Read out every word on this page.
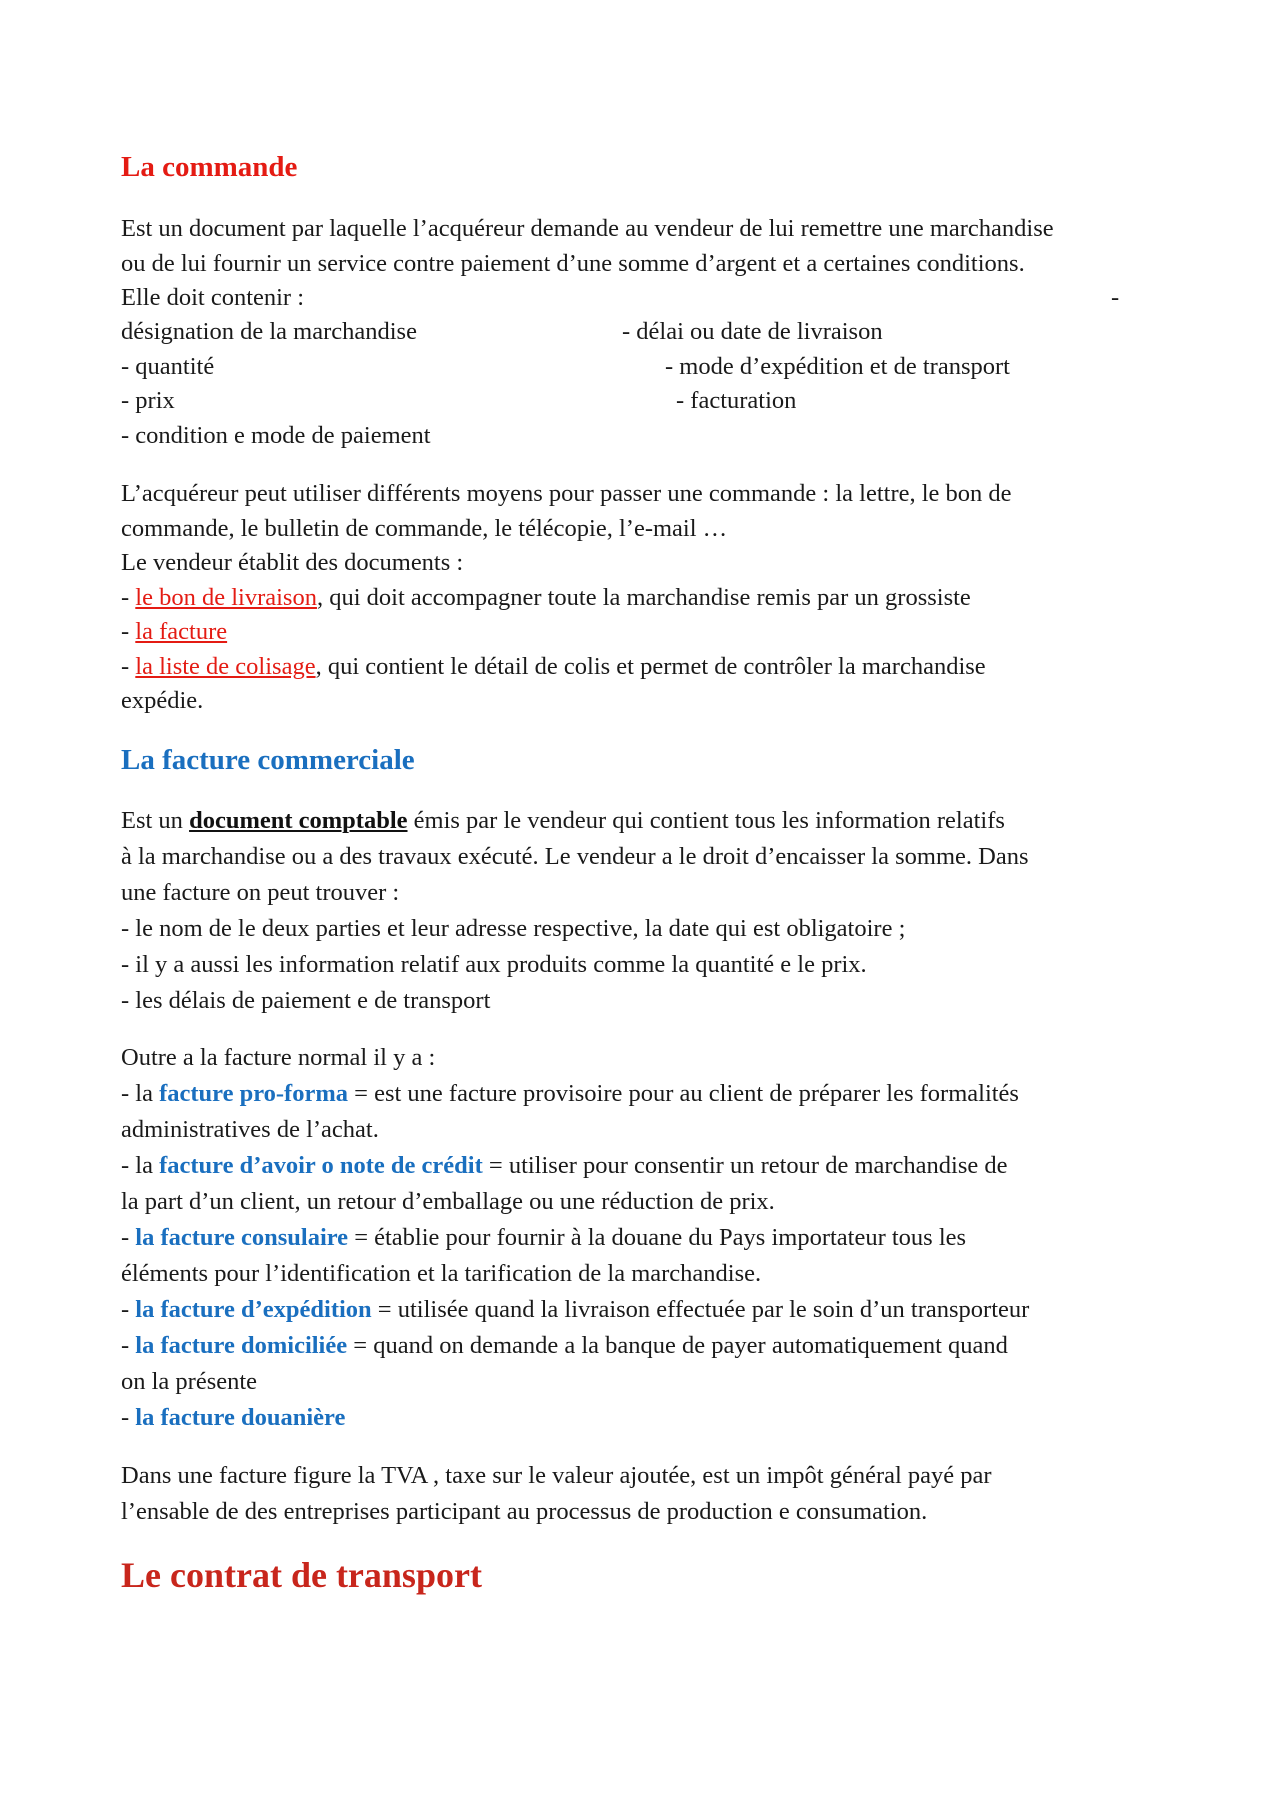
La commande
Est un document par laquelle l’acquéreur demande au vendeur de lui remettre une marchandise
ou de lui fournir un service contre paiement d’une somme d’argent et a certaines conditions.
Elle doit contenir :	-
désignation de la marchandise
- quantité
- prix
- condition e mode de paiement
- délai ou date de livraison
- mode d’expédition et de transport
- facturation
L’acquéreur peut utiliser différents moyens pour passer une commande : la lettre, le bon de
commande, le bulletin de commande, le télécopie, l’e-mail …
Le vendeur établit des documents :
- le bon de livraison, qui doit accompagner toute la marchandise remis par un grossiste
- la facture
- la liste de colisage, qui contient le détail de colis et permet de contrôler la marchandise
expédie.
La facture commerciale
Est un document comptable émis par le vendeur qui contient tous les information relatifs
à la marchandise ou a des travaux exécuté. Le vendeur a le droit d’encaisser la somme. Dans
une facture on peut trouver :
- le nom de le deux parties et leur adresse respective, la date qui est obligatoire ;
- il y a aussi les information relatif aux produits comme la quantité e le prix.
- les délais de paiement e de transport
Outre a la facture normal il y a :
- la facture pro-forma = est une facture provisoire pour au client de préparer les formalités
administratives de l’achat.
- la facture d’avoir o note de crédit = utiliser pour consentir un retour de marchandise de
la part d’un client, un retour d’emballage ou une réduction de prix.
- la facture consulaire = établie pour fournir à la douane du Pays importateur tous les
éléments pour l’identification et la tarification de la marchandise.
- la facture d’expédition = utilisée quand la livraison effectuée par le soin d’un transporteur
- la facture domiciliée = quand on demande a la banque de payer automatiquement quand
on la présente
- la facture douanière
Dans une facture figure la TVA , taxe sur le valeur ajoutée, est un impôt général payé par
l’ensable de des entreprises participant au processus de production e consumation.
Le contrat de transport
